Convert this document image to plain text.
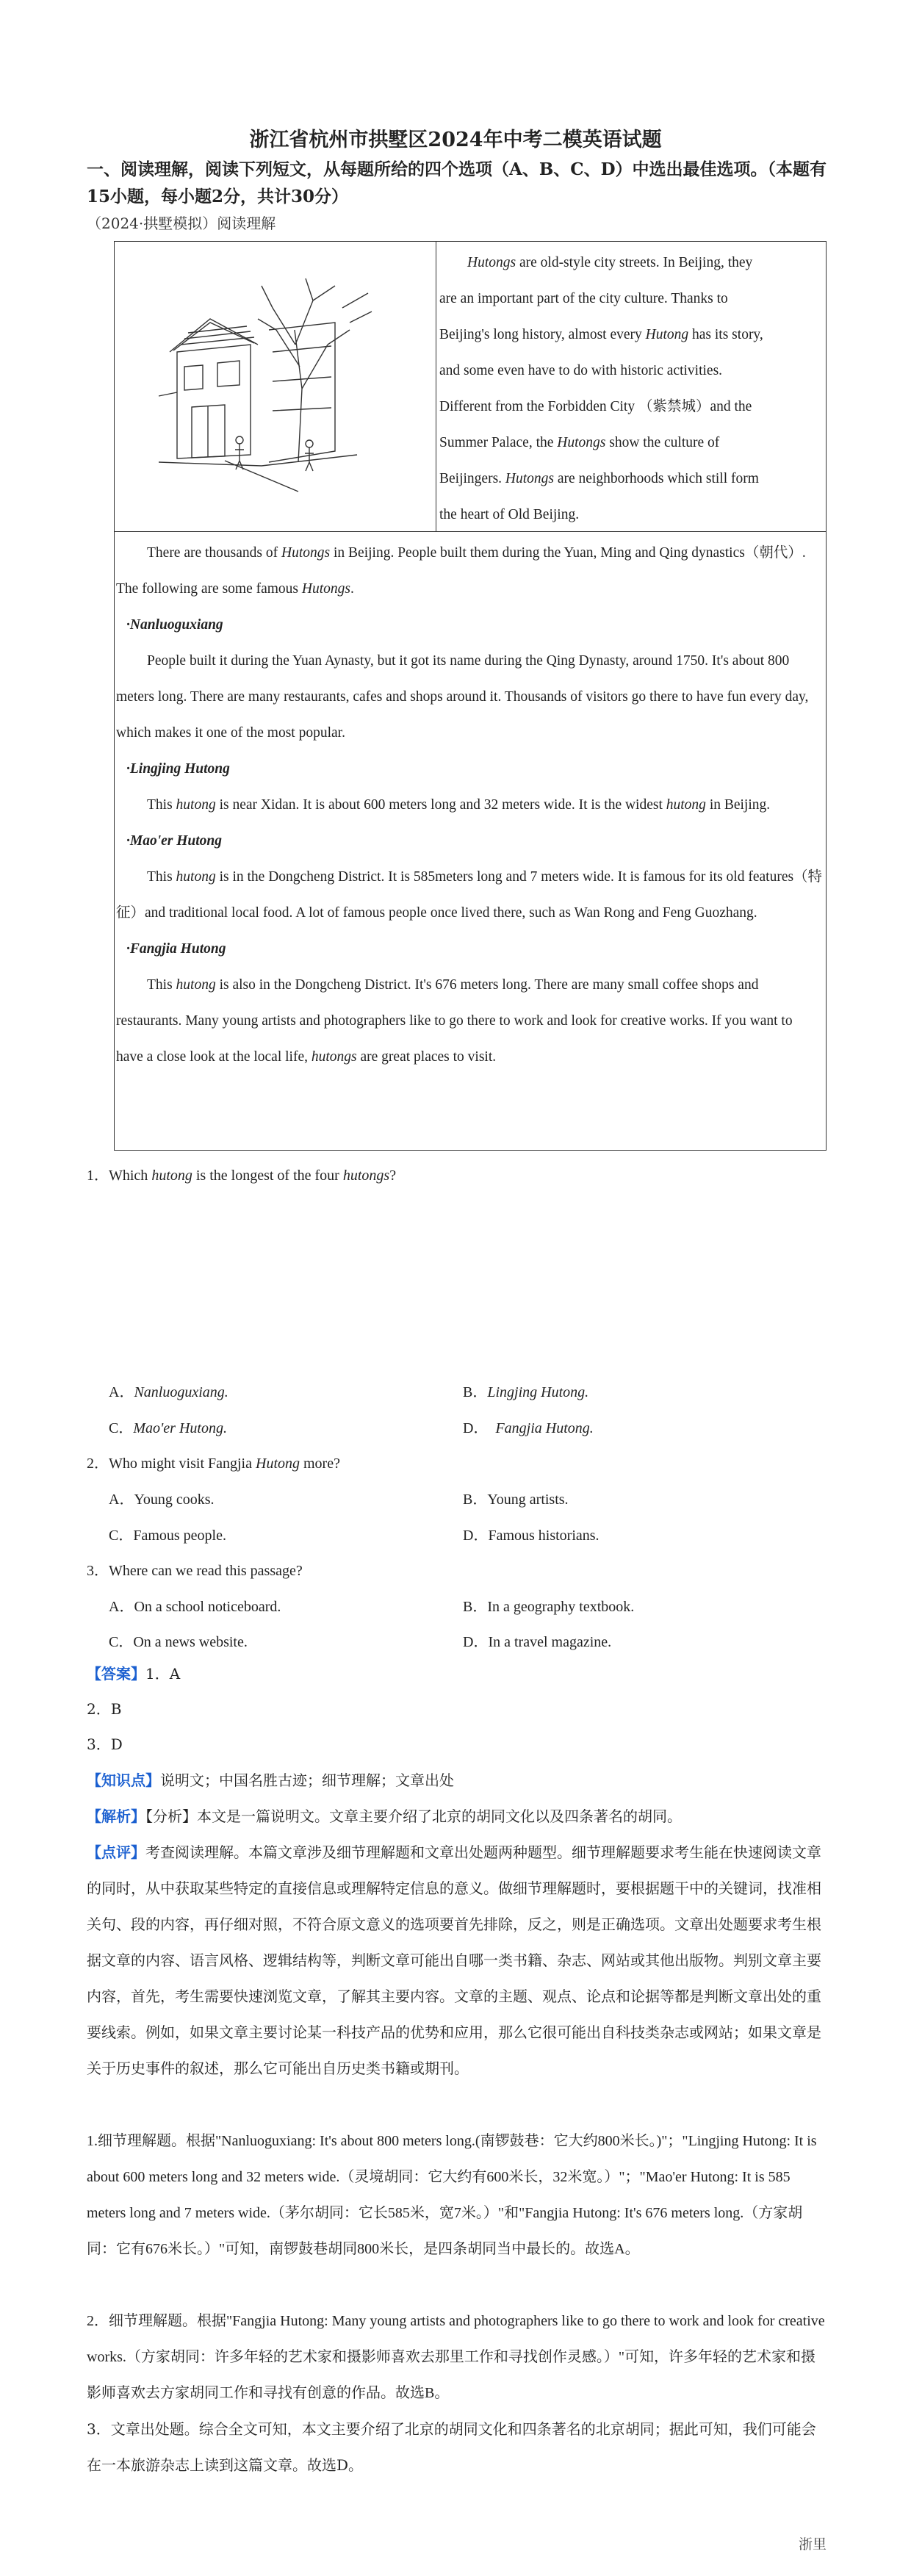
浙江省杭州市拱墅区2024年中考二模英语试题
一、阅读理解，阅读下列短文，从每题所给的四个选项（A、B、C、D）中选出最佳选项。（本题有15小题，每小题2分，共计30分）
（2024·拱墅模拟）阅读理解
Hutongs are old-style city streets. In Beijing, they
are an important part of the city culture. Thanks to
Beijing's long history, almost every Hutong has its story,
and some even have to do with historic activities.
Different from the Forbidden City （紫禁城）and the
Summer Palace, the Hutongs show the culture of
Beijingers. Hutongs are neighborhoods which still form
the heart of Old Beijing.
There are thousands of Hutongs in Beijing. People built them during the Yuan, Ming and Qing dynastics（朝代）. The following are some famous Hutongs.
·Nanluoguxiang
People built it during the Yuan Aynasty, but it got its name during the Qing Dynasty, around 1750. It's about 800 meters long. There are many restaurants, cafes and shops around it. Thousands of visitors go there to have fun every day, which makes it one of the most popular.
·Lingjing Hutong
This hutong is near Xidan. It is about 600 meters long and 32 meters wide. It is the widest hutong in Beijing.
·Mao'er Hutong
This hutong is in the Dongcheng District. It is 585meters long and 7 meters wide. It is famous for its old features（特征）and traditional local food. A lot of famous people once lived there, such as Wan Rong and Feng Guozhang.
·Fangjia Hutong
This hutong is also in the Dongcheng District. It's 676 meters long. There are many small coffee shops and restaurants. Many young artists and photographers like to go there to work and look for creative works. If you want to have a close look at the local life, hutongs are great places to visit.
1．Which hutong is the longest of the four hutongs?
A．Nanluoguxiang.	B．Lingjing Hutong.
C．Mao'er Hutong.	D． Fangjia Hutong.
2．Who might visit Fangjia Hutong more?
A．Young cooks.	B．Young artists.
C．Famous people.	D．Famous historians.
3．Where can we read this passage?
A．On a school noticeboard.	B．In a geography textbook.
C．On a news website.	D．In a travel magazine.
【答案】1．A
2．B
3．D
【知识点】说明文；中国名胜古迹；细节理解；文章出处
【解析】【分析】本文是一篇说明文。文章主要介绍了北京的胡同文化以及四条著名的胡同。
【点评】考查阅读理解。本篇文章涉及细节理解题和文章出处题两种题型。细节理解题要求考生能在快速阅读文章的同时，从中获取某些特定的直接信息或理解特定信息的意义。做细节理解题时，要根据题干中的关键词，找准相关句、段的内容，再仔细对照，不符合原文意义的选项要首先排除，反之，则是正确选项。文章出处题要求考生根据文章的内容、语言风格、逻辑结构等，判断文章可能出自哪一类书籍、杂志、网站或其他出版物。判别文章主要内容，首先，考生需要快速浏览文章，了解其主要内容。文章的主题、观点、论点和论据等都是判断文章出处的重要线索。例如，如果文章主要讨论某一科技产品的优势和应用，那么它很可能出自科技类杂志或网站；如果文章是关于历史事件的叙述，那么它可能出自历史类书籍或期刊。
1.细节理解题。根据"Nanluoguxiang: It's about 800 meters long.(南锣鼓巷：它大约800米长。)"；"Lingjing Hutong: It is about 600 meters long and 32 meters wide.（灵境胡同：它大约有600米长，32米宽。）"；"Mao'er Hutong: It is 585 meters long and 7 meters wide.（茅尔胡同：它长585米，宽7米。）"和"Fangjia Hutong: It's 676 meters long.（方家胡同：它有676米长。）"可知，南锣鼓巷胡同800米长，是四条胡同当中最长的。故选A。
2．细节理解题。根据"Fangjia Hutong: Many young artists and photographers like to go there to work and look for creative works.（方家胡同：许多年轻的艺术家和摄影师喜欢去那里工作和寻找创作灵感。）"可知，许多年轻的艺术家和摄影师喜欢去方家胡同工作和寻找有创意的作品。故选B。
3．文章出处题。综合全文可知，本文主要介绍了北京的胡同文化和四条著名的北京胡同；据此可知，我们可能会在一本旅游杂志上读到这篇文章。故选D。
浙里
